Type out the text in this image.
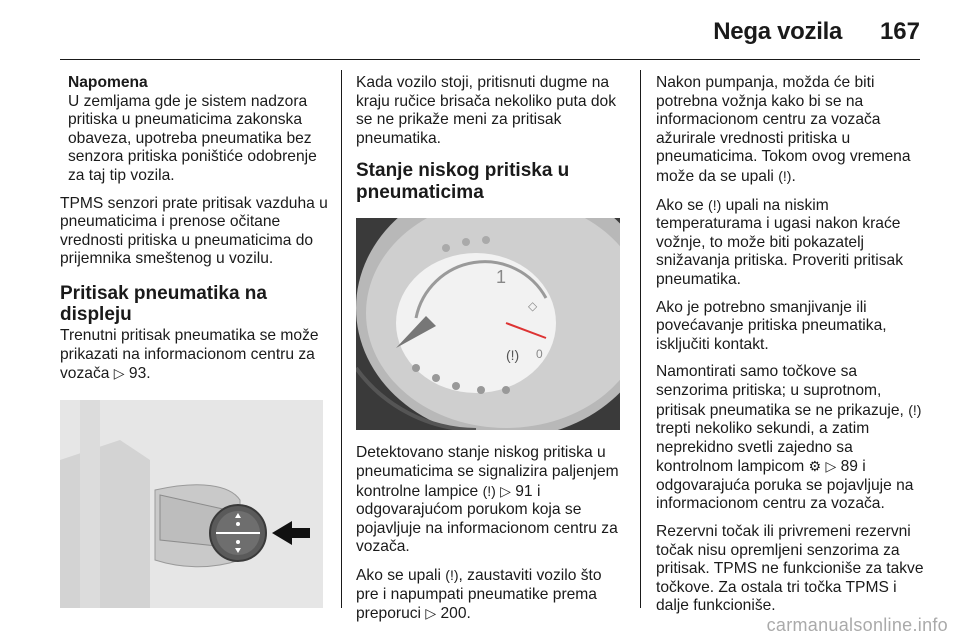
Nega vozila 167
Napomena
U zemljama gde je sistem nadzora pritiska u pneumaticima zakonska obaveza, upotreba pneumatika bez senzora pritiska poništiće odobrenje za taj tip vozila.

TPMS senzori prate pritisak vazduha u pneumaticima i prenose očitane vrednosti pritiska u pneumaticima do prijemnika smeštenog u vozilu.

Pritisak pneumatika na displeju

Trenutni pritisak pneumatika se može prikazati na informacionom centru za vozača ▷ 93.

Kada vozilo stoji, pritisnuti dugme na kraju ručice brisača nekoliko puta dok se ne prikaže meni za pritisak pneumatika.

Stanje niskog pritiska u pneumaticima
1
◇
(!) 0

Detektovano stanje niskog pritiska u pneumaticima se signalizira paljenjem kontrolne lampice (!) ▷ 91 i odgovarajućom porukom koja se pojavljuje na informacionom centru za vozača.

Ako se upali (!), zaustaviti vozilo što pre i napumpati pneumatike prema preporuci ▷ 200.

Nakon pumpanja, možda će biti potrebna vožnja kako bi se na informacionom centru za vozača ažurirale vrednosti pritiska u pneumaticima. Tokom ovog vremena može da se upali (!).

Ako se (!) upali na niskim temperaturama i ugasi nakon kraće vožnje, to može biti pokazatelj snižavanja pritiska. Proveriti pritisak pneumatika.

Ako je potrebno smanjivanje ili povećavanje pritiska pneumatika, isključiti kontakt.

Namontirati samo točkove sa senzorima pritiska; u suprotnom, pritisak pneumatika se ne prikazuje, (!) trepti nekoliko sekundi, a zatim neprekidno svetli zajedno sa kontrolnom lampicom ⚙ ▷ 89 i odgovarajuća poruka se pojavljuje na informacionom centru za vozača.

Rezervni točak ili privremeni rezervni točak nisu opremljeni senzorima za pritisak. TPMS ne funkcioniše za takve točkove. Za ostala tri točka TPMS i dalje funkcioniše.

carmanualsonline.info
